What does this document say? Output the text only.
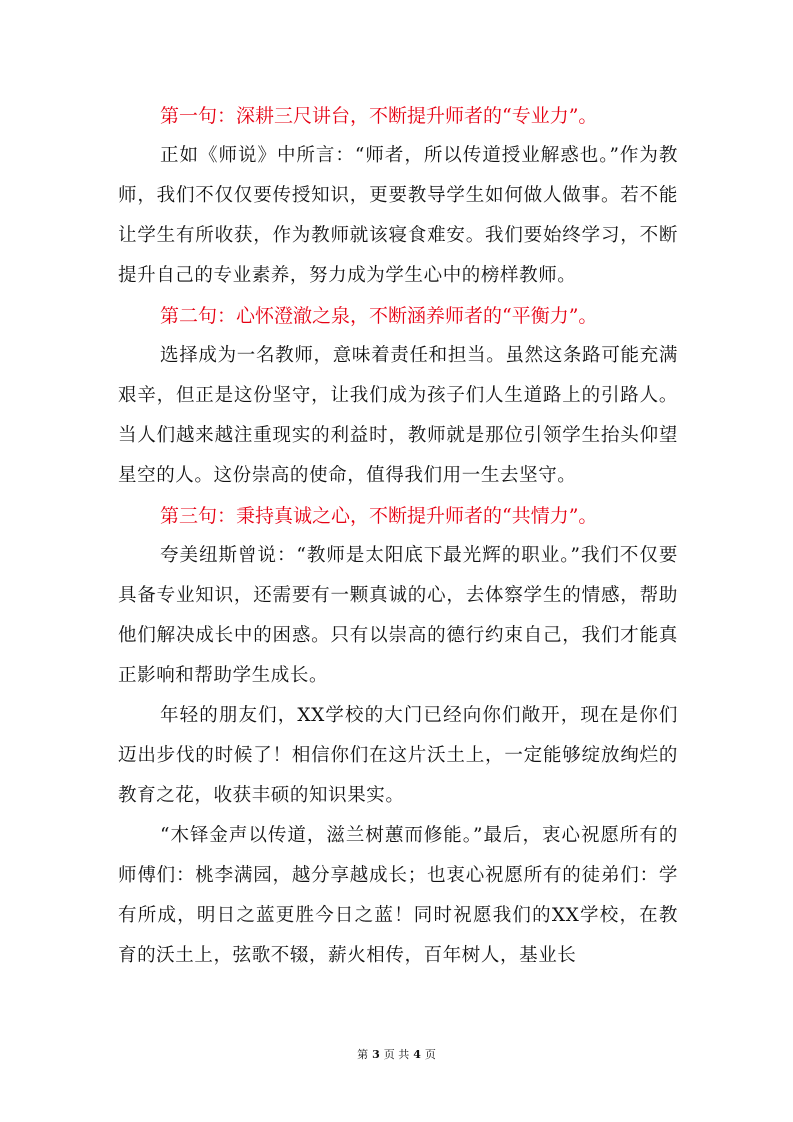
第一句：深耕三尺讲台，不断提升师者的“专业力”。

正如《师说》中所言：“师者，所以传道授业解惑也。”作为教师，我们不仅仅要传授知识，更要教导学生如何做人做事。若不能让学生有所收获，作为教师就该寝食难安。我们要始终学习，不断提升自己的专业素养，努力成为学生心中的榜样教师。

第二句：心怀澄澈之泉，不断涵养师者的“平衡力”。

选择成为一名教师，意味着责任和担当。虽然这条路可能充满艰辛，但正是这份坚守，让我们成为孩子们人生道路上的引路人。当人们越来越注重现实的利益时，教师就是那位引领学生抬头仰望星空的人。这份崇高的使命，值得我们用一生去坚守。

第三句：秉持真诚之心，不断提升师者的“共情力”。

夸美纽斯曾说：“教师是太阳底下最光辉的职业。”我们不仅要具备专业知识，还需要有一颗真诚的心，去体察学生的情感，帮助他们解决成长中的困惑。只有以崇高的德行约束自己，我们才能真正影响和帮助学生成长。

年轻的朋友们，XX学校的大门已经向你们敞开，现在是你们迈出步伐的时候了！相信你们在这片沃土上，一定能够绽放绚烂的教育之花，收获丰硕的知识果实。

“木铎金声以传道，滋兰树蕙而修能。”最后，衷心祝愿所有的师傅们：桃李满园，越分享越成长；也衷心祝愿所有的徒弟们：学有所成，明日之蓝更胜今日之蓝！同时祝愿我们的XX学校，在教育的沃土上，弦歌不辍，薪火相传，百年树人，基业长

第 3 页 共 4 页
